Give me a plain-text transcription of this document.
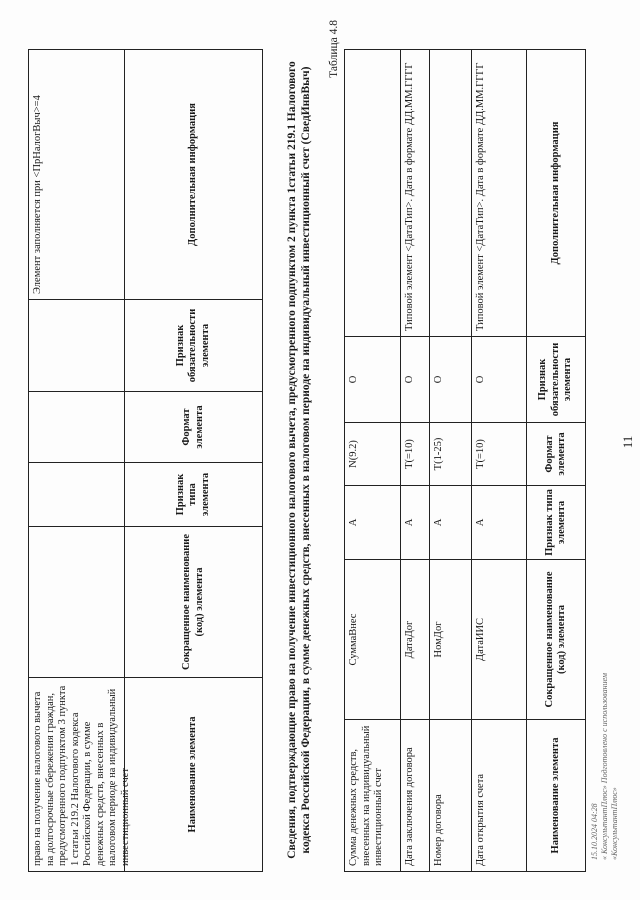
11
Наименование элемента
Сокращенное наименование (код) элемента
Признак типа элемента
Формат элемента
Признак обязательности элемента
Дополнительная информация
право на получение налогового вычета на долгосрочные сбережения граждан, предусмотренного подпунктом 3 пункта 1 статьи 219.2 Налогового кодекса Российской Федерации, в сумме денежных средств, внесенных в налоговом периоде на индивидуальный инвестиционный счет
Элемент заполняется при <ПрНалогВыч>=4
Таблица 4.8
Сведения, подтверждающие право на получение инвестиционного налогового вычета, предусмотренного подпунктом 2 пункта 1статьи 219.1 Налогового кодекса Российской Федерации, в сумме денежных средств, внесенных в налоговом периоде на индивидуальный инвестиционный счет (СведИнвВыч)	Наименование элемента
Сокращенное наименование (код) элемента
Признак типа элемента
Формат элемента
Признак обязательности элемента
Дополнительная информация
Дата открытия счета
ДатаИИС
А
Т(=10)
О
Типовой элемент <ДатаТип>. Дата в формате ДД.ММ.ГГГГ
Номер договора
НомДог
А
Т(1-25)
О
Дата заключения договора
ДатаДог
А
Т(=10)
О
Типовой элемент <ДатаТип>. Дата в формате ДД.ММ.ГГГГ
Сумма денежных средств, внесенных на индивидуальный инвестиционный счет
СуммаВнес
А
N(9.2)
О
15.10.2024 04:28 « КонсультантПлюс» Подготовлено с использованием «КонсультантПлюс»
